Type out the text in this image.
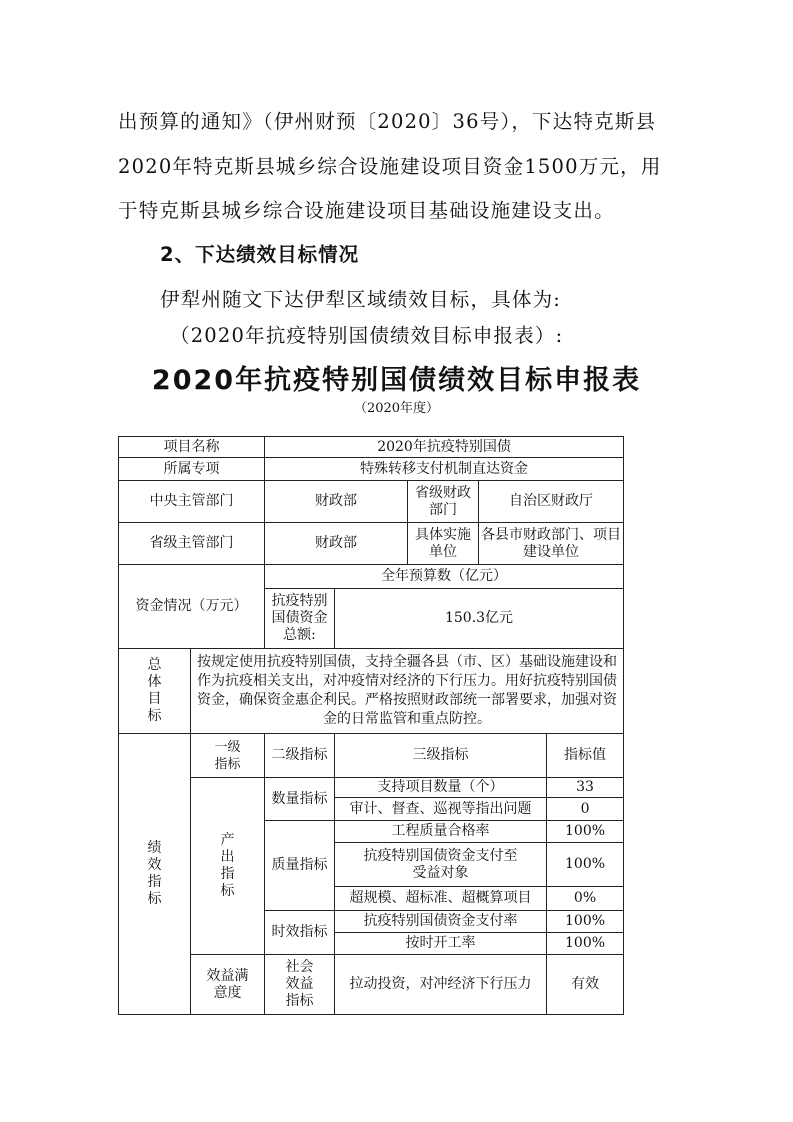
出预算的通知》（伊州财预〔2020〕36号），下达特克斯县
2020年特克斯县城乡综合设施建设项目资金1500万元，用
于特克斯县城乡综合设施建设项目基础设施建设支出。
2、下达绩效目标情况
伊犁州随文下达伊犁区域绩效目标，具体为:
（2020年抗疫特别国债绩效目标申报表）:
2020年抗疫特别国债绩效目标申报表
（2020年度）
项目名称		2020年抗疫特别国债				
所属专项		特殊转移支付机制直达资金				
中央主管部门		财政部		省级财政部门	自治区财政厅	
省级主管部门		财政部		具体实施单位	各县市财政部门、项目建设单位	
资金情况（万元）		全年预算数（亿元）				
		抗疫特别国债资金总额:	150.3亿元			
总体目标	按规定使用抗疫特别国债，支持全疆各县（市、区）基础设施建设和作为抗疫相关支出，对冲疫情对经济的下行压力。用好抗疫特别国债资金，确保资金惠企利民。严格按照财政部统一部署要求，加强对资金的日常监管和重点防控。					
绩效指标	一级指标	二级指标	三级指标			指标值
	产出指标	数量指标	支持项目数量（个）			33
			审计、督查、巡视等指出问题			0
		质量指标	工程质量合格率			100%
			抗疫特别国债资金支付至受益对象			100%
			超规模、超标准、超概算项目			0%
		时效指标	抗疫特别国债资金支付率			100%
			按时开工率			100%
	效益满意度	社会效益指标	拉动投资，对冲经济下行压力			有效
